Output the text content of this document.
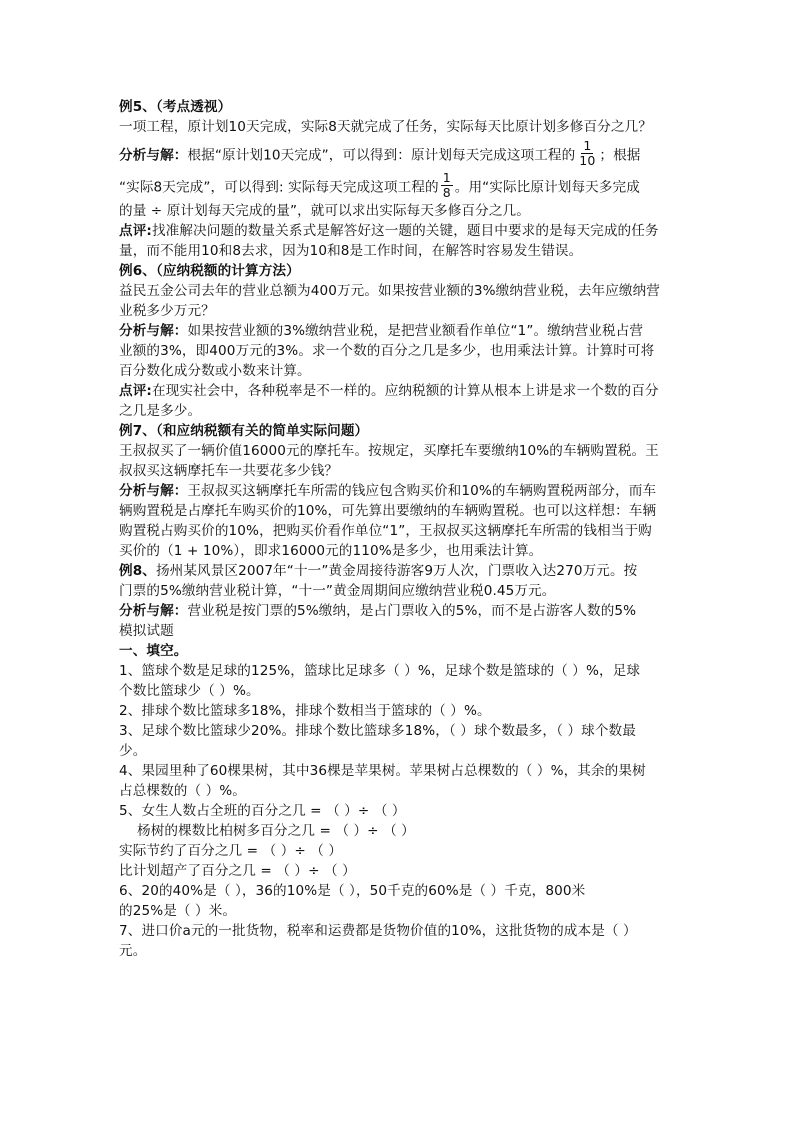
例5、（考点透视）
一项工程，原计划10天完成，实际8天就完成了任务，实际每天比原计划多修百分之几？
分析与解：根据“原计划10天完成”，可以得到：原计划每天完成这项工程的 $\frac{1}{10}$ ；根据
“实际8天完成”，可以得到: 实际每天完成这项工程的 $\frac{1}{8}$ 。用“实际比原计划每天多完成
的量 ÷ 原计划每天完成的量”，就可以求出实际每天多修百分之几。
点评:找准解决问题的数量关系式是解答好这一题的关键，题目中要求的是每天完成的任务
量，而不能用10和8去求，因为10和8是工作时间，在解答时容易发生错误。
例6、（应纳税额的计算方法）
益民五金公司去年的营业总额为400万元。如果按营业额的3%缴纳营业税，去年应缴纳营
业税多少万元？
分析与解：如果按营业额的3%缴纳营业税，是把营业额看作单位“1”。缴纳营业税占营
业额的3%，即400万元的3%。求一个数的百分之几是多少，也用乘法计算。计算时可将
百分数化成分数或小数来计算。
点评:在现实社会中，各种税率是不一样的。应纳税额的计算从根本上讲是求一个数的百分
之几是多少。
例7、（和应纳税额有关的简单实际问题）
王叔叔买了一辆价值16000元的摩托车。按规定，买摩托车要缴纳10%的车辆购置税。王
叔叔买这辆摩托车一共要花多少钱？
分析与解：王叔叔买这辆摩托车所需的钱应包含购买价和10%的车辆购置税两部分，而车
辆购置税是占摩托车购买价的10%，可先算出要缴纳的车辆购置税。也可以这样想：车辆
购置税占购买价的10%，把购买价看作单位“1”，王叔叔买这辆摩托车所需的钱相当于购
买价的（1 + 10%），即求16000元的110%是多少，也用乘法计算。
例8、扬州某风景区2007年“十一”黄金周接待游客9万人次，门票收入达270万元。按
门票的5%缴纳营业税计算，“十一”黄金周期间应缴纳营业税0.45万元。
分析与解：营业税是按门票的5%缴纳，是占门票收入的5%，而不是占游客人数的5%
模拟试题
一、填空。
1、篮球个数是足球的125%，篮球比足球多（ ）%，足球个数是篮球的（ ）%，足球
个数比篮球少（ ）%。
2、排球个数比篮球多18%，排球个数相当于篮球的（ ）%。
3、足球个数比篮球少20%。排球个数比篮球多18%，（ ）球个数最多，（ ）球个数最
少。
4、果园里种了60棵果树，其中36棵是苹果树。苹果树占总棵数的（ ）%，其余的果树
占总棵数的（ ）%。
5、女生人数占全班的百分之几 = （ ）÷ （ ）
杨树的棵数比柏树多百分之几 = （ ）÷ （ ）
实际节约了百分之几 = （ ）÷ （ ）
比计划超产了百分之几 = （ ）÷ （ ）
6、20的40%是（ ），36的10%是（ ），50千克的60%是（ ）千克，800米
的25%是（ ）米。
7、进口价a元的一批货物，税率和运费都是货物价值的10%，这批货物的成本是（ ）
元。
